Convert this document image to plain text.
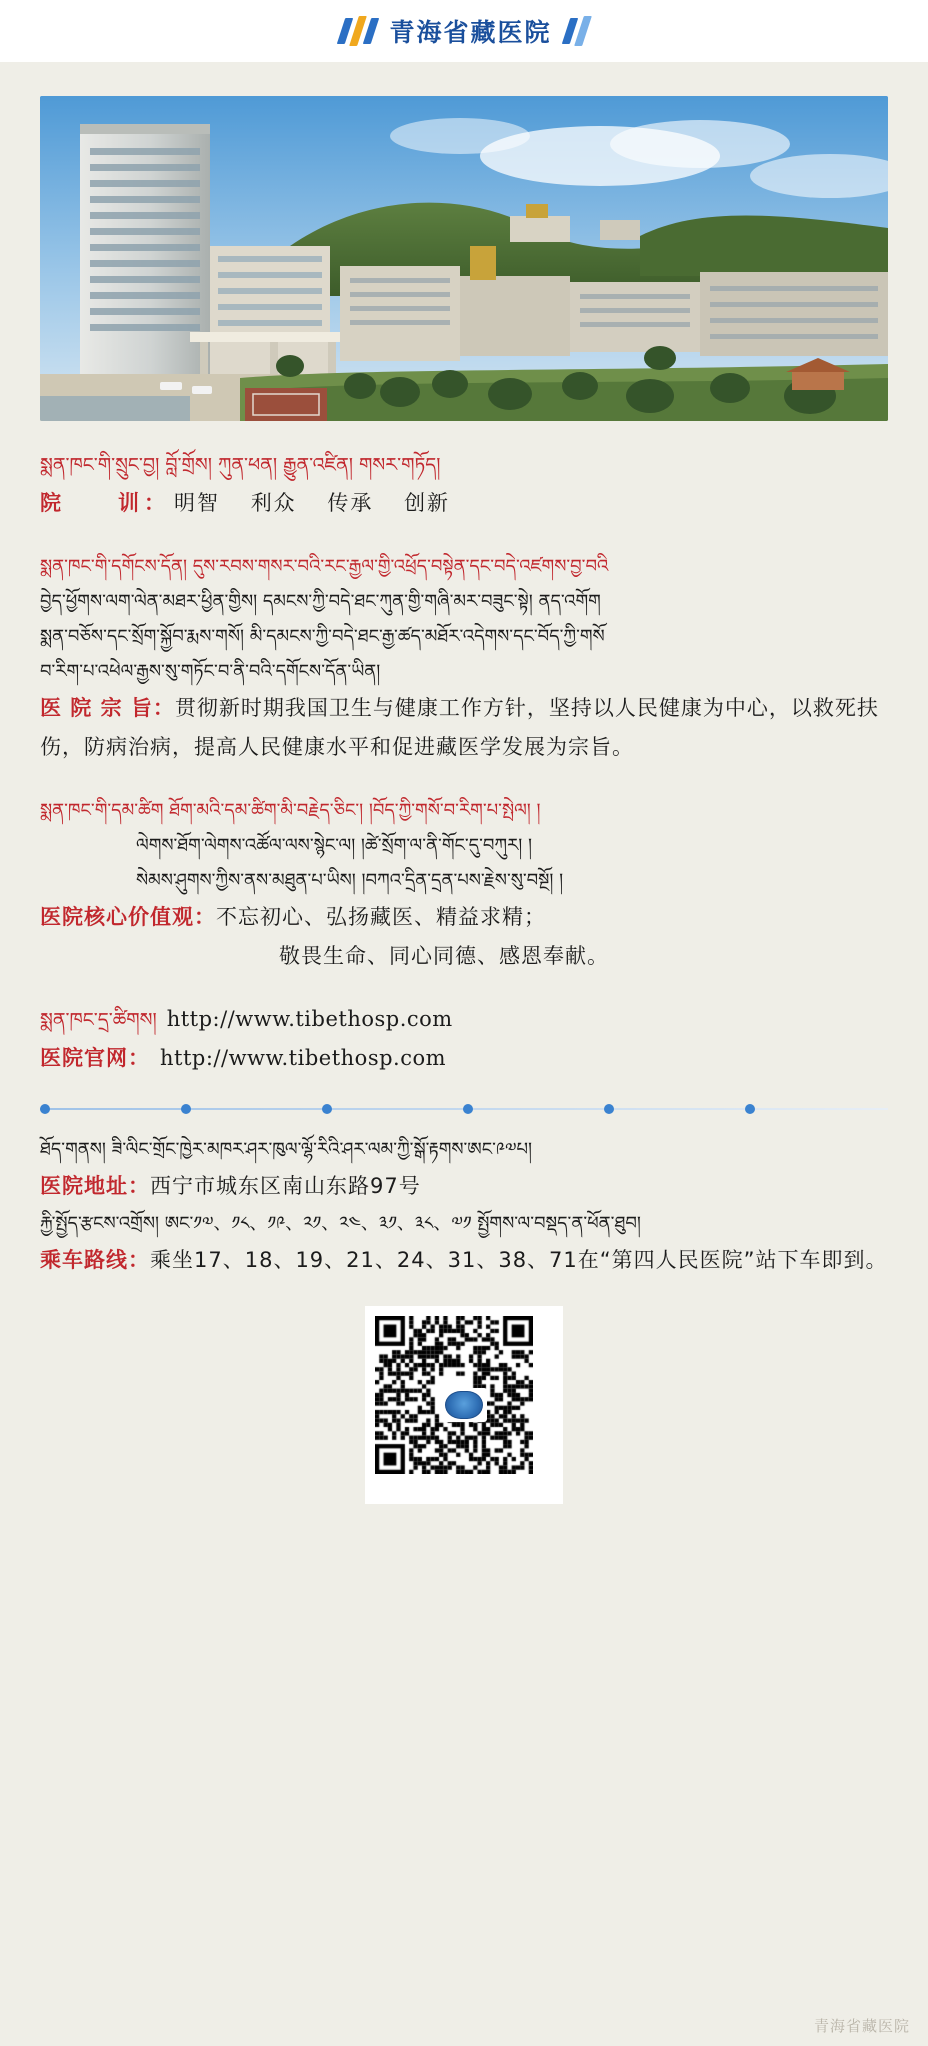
青海省藏医院
སྨན་ཁང་གི་སྲུང་བྱ། བློ་གྲོས། ཀུན་ཕན། རྒྱུན་འཛིན། གསར་གཏོད།
院　　训： 明智 利众 传承 创新
སྨན་ཁང་གི་དགོངས་དོན། དུས་རབས་གསར་བའི་རང་རྒྱལ་གྱི་འཕྲོད་བསྟེན་དང་བདེ་འཛགས་བྱ་བའི
བྱེད་ཕྱོགས་ལག་ལེན་མཐར་ཕྱིན་གྱིས། དམངས་ཀྱི་བདེ་ཐང་ཀུན་གྱི་གཞི་མར་བཟུང་སྟེ། ནད་འགོག
སྨན་བཅོས་དང་སྲོག་སྐྱོབ་རྨས་གསོ། མི་དམངས་ཀྱི་བདེ་ཐང་རྒྱ་ཚད་མཐོར་འདེགས་དང་བོད་ཀྱི་གསོ
བ་རིག་པ་འཕེལ་རྒྱས་སུ་གཏོང་བ་ནི་བའི་དགོངས་དོན་ཡིན།
医 院 宗 旨：贯彻新时期我国卫生与健康工作方针，坚持以人民健康为中心，以救死扶伤，防病治病，提高人民健康水平和促进藏医学发展为宗旨。
སྨན་ཁང་གི་དམ་ཚིག ཐོག་མའི་དམ་ཚིག་མི་བརྗེད་ཅིང་། །བོད་ཀྱི་གསོ་བ་རིག་པ་སྤེལ། །
ལེགས་ཐོག་ལེགས་འཚོལ་ལས་སྙེང་ལ། །ཚེ་སྲོག་ལ་ནི་གོང་དུ་བཀུར། །
སེམས་ཤུགས་ཀྱིས་ནས་མཐུན་པ་ཡིས། །བཀའ་དྲིན་དྲན་པས་རྗེས་སུ་བསྔོ། །
医院核心价值观：不忘初心、弘扬藏医、精益求精；
敬畏生命、同心同德、感恩奉献。
སྨན་ཁང་དྲ་ཚིགས། http://www.tibethosp.com
医院官网： http://www.tibethosp.com
ཐོད་གནས། ཟི་ལིང་གྲོང་ཁྱེར་མཁར་ཤར་ཁུལ་ལྷོ་རིའི་ཤར་ལམ་ཀྱི་སྒོ་རྟགས་ཨང་༩༧པ།
医院地址：西宁市城东区南山东路97号
རྐྱི་སྤྱོད་རྩངས་འགྲོས། ཨང་༡༧、༡༨、༡༩、༢༡、༢༤、༣༡、༣༨、༧༡ སྤྱོགས་ལ་བསྡད་ན་ཕོན་ཐུབ།
乘车路线：乘坐17、18、19、21、24、31、38、71在“第四人民医院”站下车即到。
青海省藏医院
